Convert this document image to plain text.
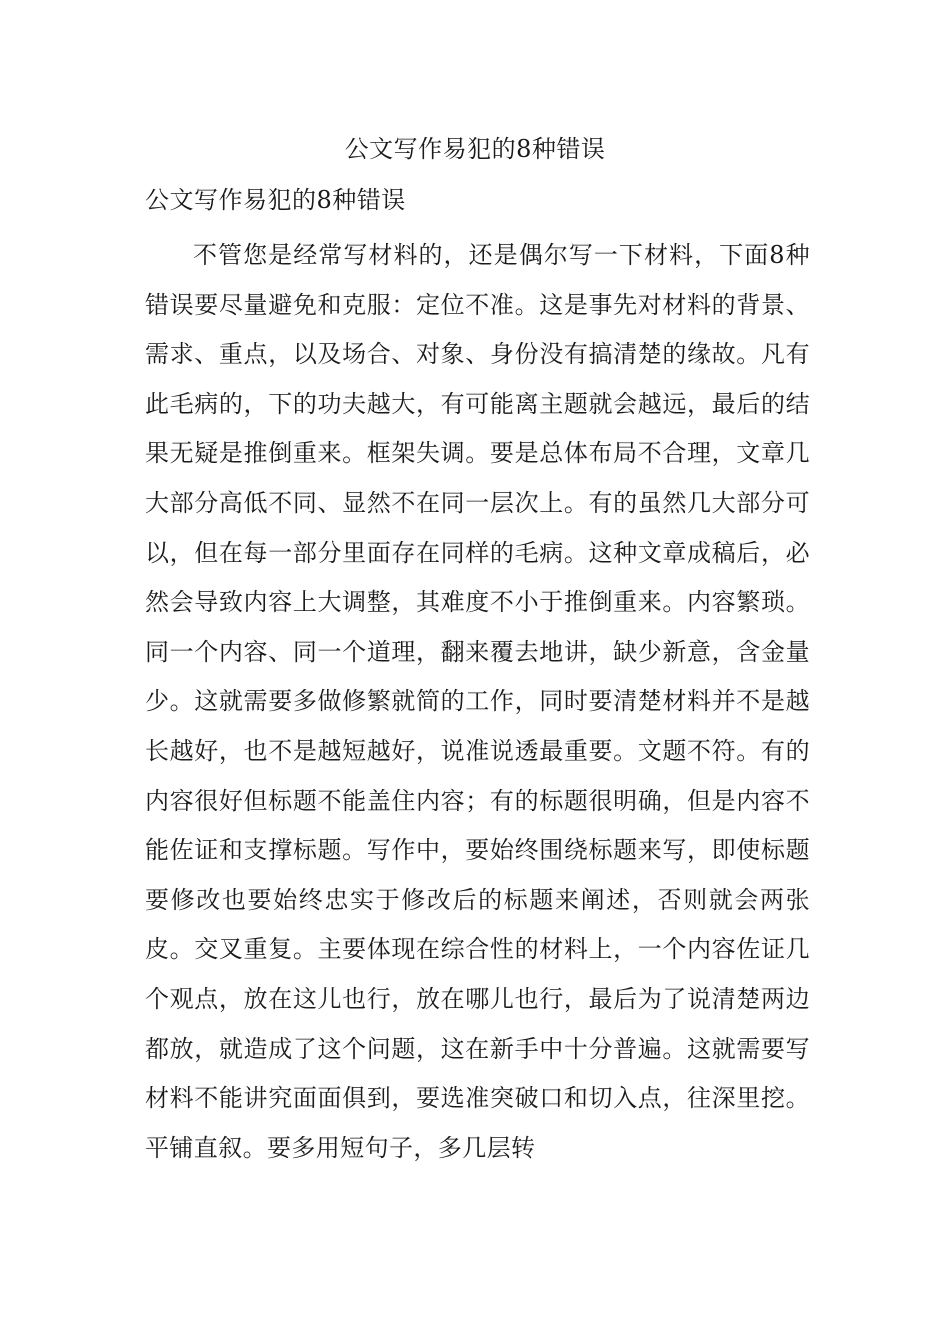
公文写作易犯的8种错误
公文写作易犯的8种错误

不管您是经常写材料的，还是偶尔写一下材料，下面8种错误要尽量避免和克服：定位不准。这是事先对材料的背景、需求、重点，以及场合、对象、身份没有搞清楚的缘故。凡有此毛病的，下的功夫越大，有可能离主题就会越远，最后的结果无疑是推倒重来。框架失调。要是总体布局不合理，文章几大部分高低不同、显然不在同一层次上。有的虽然几大部分可以，但在每一部分里面存在同样的毛病。这种文章成稿后，必然会导致内容上大调整，其难度不小于推倒重来。内容繁琐。同一个内容、同一个道理，翻来覆去地讲，缺少新意，含金量少。这就需要多做修繁就简的工作，同时要清楚材料并不是越长越好，也不是越短越好，说准说透最重要。文题不符。有的内容很好但标题不能盖住内容；有的标题很明确，但是内容不能佐证和支撑标题。写作中，要始终围绕标题来写，即使标题要修改也要始终忠实于修改后的标题来阐述，否则就会两张皮。交叉重复。主要体现在综合性的材料上，一个内容佐证几个观点，放在这儿也行，放在哪儿也行，最后为了说清楚两边都放，就造成了这个问题，这在新手中十分普遍。这就需要写材料不能讲究面面俱到，要选准突破口和切入点，往深里挖。平铺直叙。要多用短句子，多几层转
